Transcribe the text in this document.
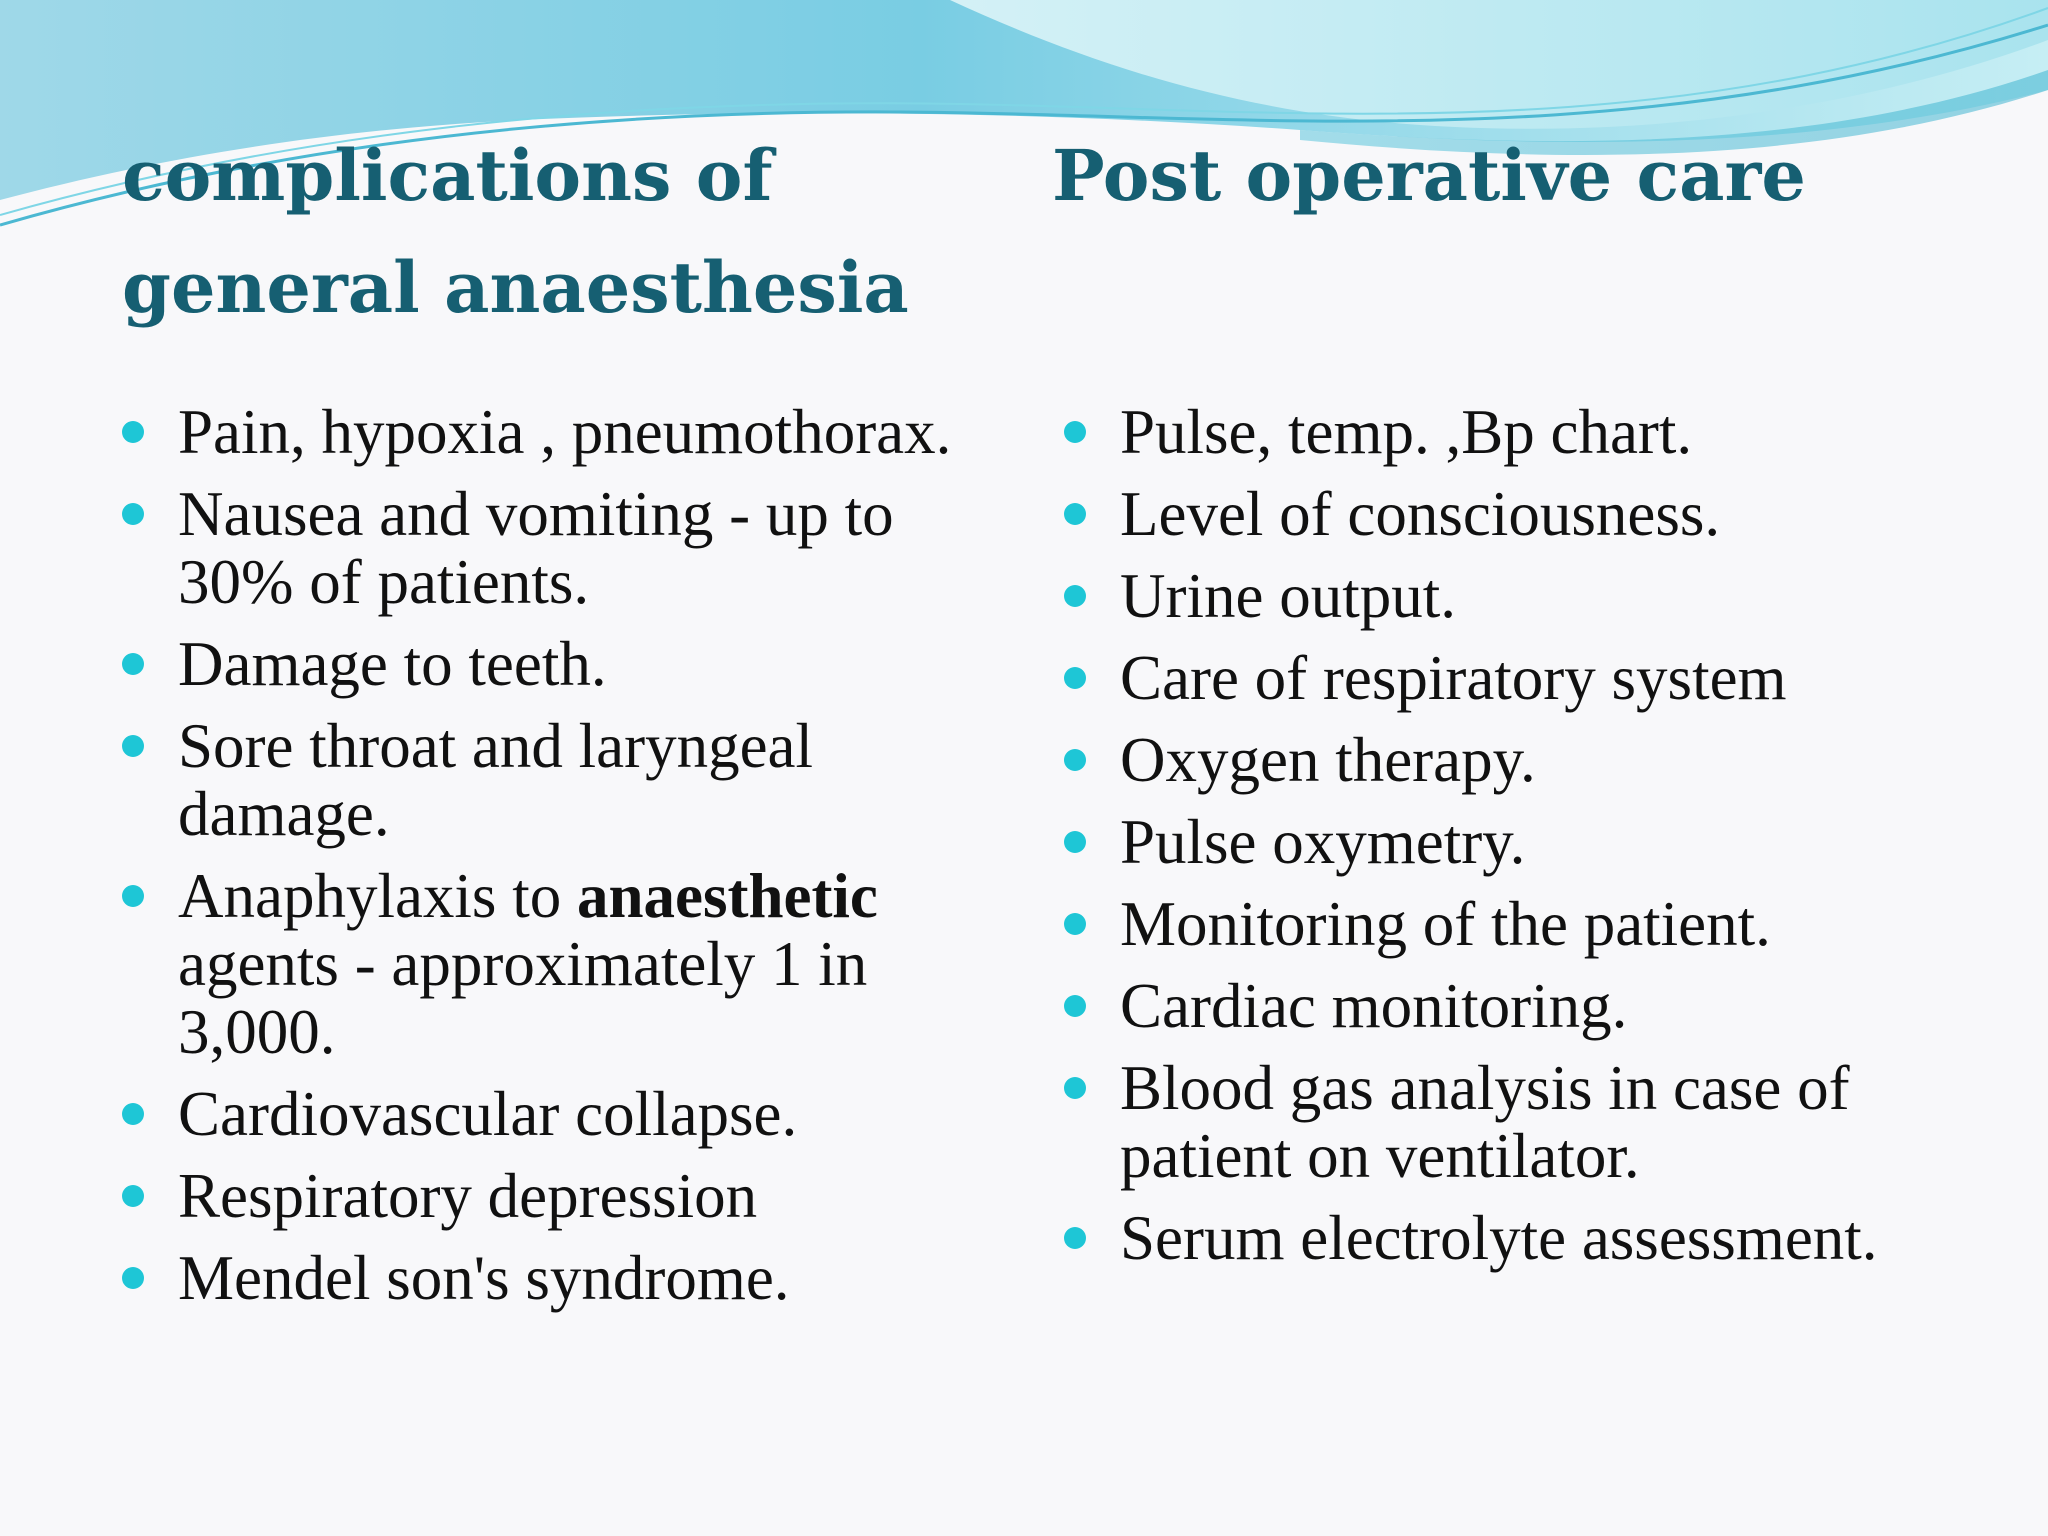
complications of
general anaesthesia
Post operative care
Pain, hypoxia , pneumothorax.
Nausea and vomiting - up to 30% of patients.
Damage to teeth.
Sore throat and laryngeal damage.
Anaphylaxis to anaesthetic agents - approximately 1 in 3,000.
Cardiovascular collapse.
Respiratory depression
Mendel son's syndrome.
Pulse, temp. ,Bp chart.
Level of consciousness.
Urine output.
Care of respiratory system
Oxygen therapy.
Pulse oxymetry.
Monitoring of the patient.
Cardiac monitoring.
Blood gas analysis in case of patient on ventilator.
Serum electrolyte assessment.
